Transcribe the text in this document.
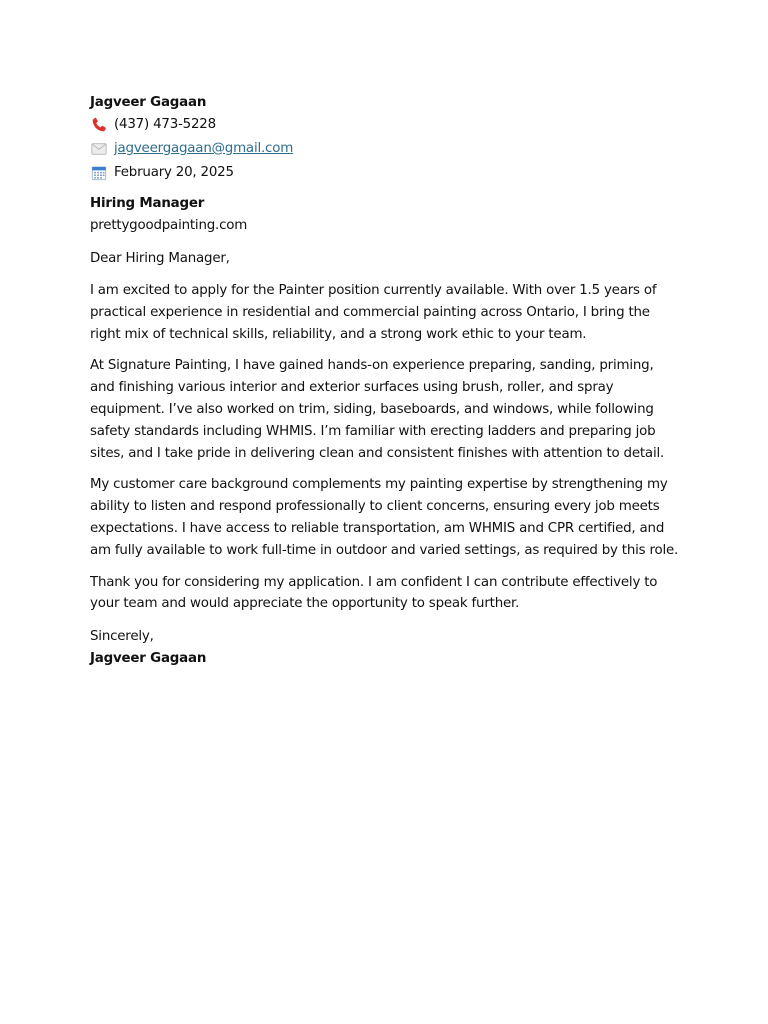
Jagveer Gagaan
(437) 473-5228
jagveergagaan@gmail.com
February 20, 2025
Hiring Manager
prettygoodpainting.com
Dear Hiring Manager,

I am excited to apply for the Painter position currently available. With over 1.5 years of practical experience in residential and commercial painting across Ontario, I bring the right mix of technical skills, reliability, and a strong work ethic to your team.

At Signature Painting, I have gained hands-on experience preparing, sanding, priming, and finishing various interior and exterior surfaces using brush, roller, and spray equipment. I’ve also worked on trim, siding, baseboards, and windows, while following safety standards including WHMIS. I’m familiar with erecting ladders and preparing job sites, and I take pride in delivering clean and consistent finishes with attention to detail.

My customer care background complements my painting expertise by strengthening my ability to listen and respond professionally to client concerns, ensuring every job meets expectations. I have access to reliable transportation, am WHMIS and CPR certified, and am fully available to work full-time in outdoor and varied settings, as required by this role.

Thank you for considering my application. I am confident I can contribute effectively to your team and would appreciate the opportunity to speak further.

Sincerely,
Jagveer Gagaan
